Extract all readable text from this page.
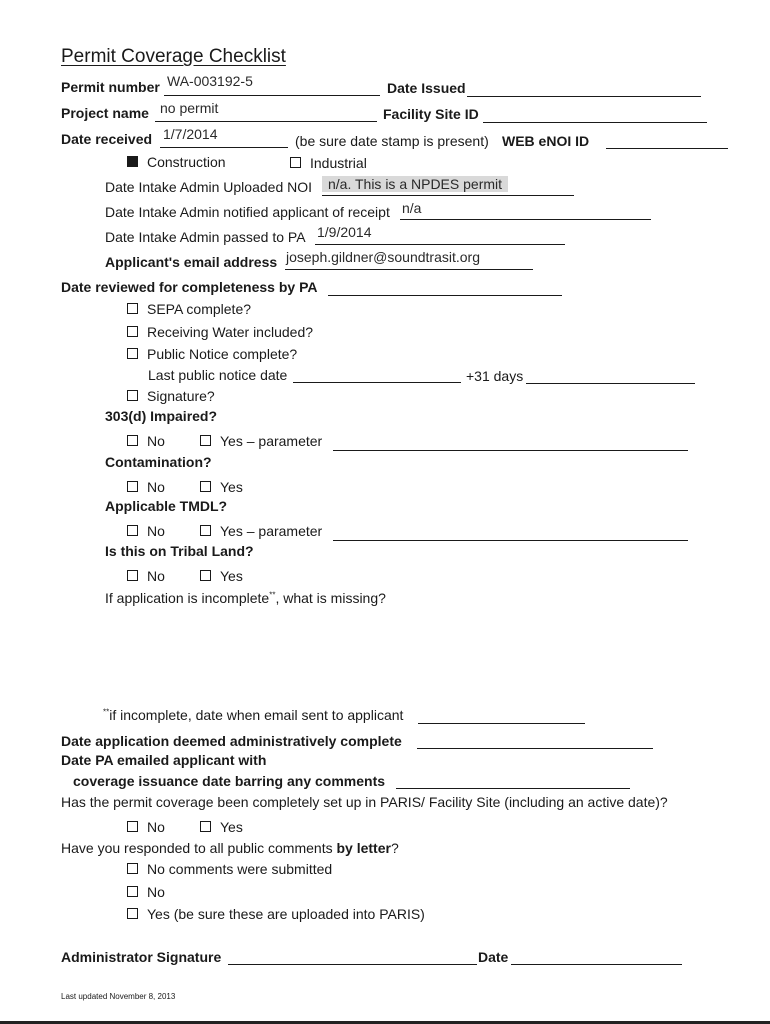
Permit Coverage Checklist
Permit number WA-003192-5	Date Issued
Project name no permit	Facility Site ID
Date received 1/7/2014	(be sure date stamp is present) WEB eNOI ID
Construction	Industrial
Date Intake Admin Uploaded NOI	n/a. This is a NPDES permit
Date Intake Admin notified applicant of receipt n/a
Date Intake Admin passed to PA 1/9/2014
Applicant's email address joseph.gildner@soundtrasit.org
Date reviewed for completeness by PA
SEPA complete?
Receiving Water included?
Public Notice complete?
Last public notice date	+31 days
Signature?
303(d) Impaired?
No	Yes – parameter
Contamination?
No	Yes
Applicable TMDL?
No	Yes – parameter
Is this on Tribal Land?
No	Yes
If application is incomplete**, what is missing?
**if incomplete, date when email sent to applicant
Date application deemed administratively complete
Date PA emailed applicant with
coverage issuance date barring any comments
Has the permit coverage been completely set up in PARIS/ Facility Site (including an active date)?
No	Yes
Have you responded to all public comments by letter?
No comments were submitted
No
Yes (be sure these are uploaded into PARIS)
Administrator Signature	Date
Last updated November 8, 2013
